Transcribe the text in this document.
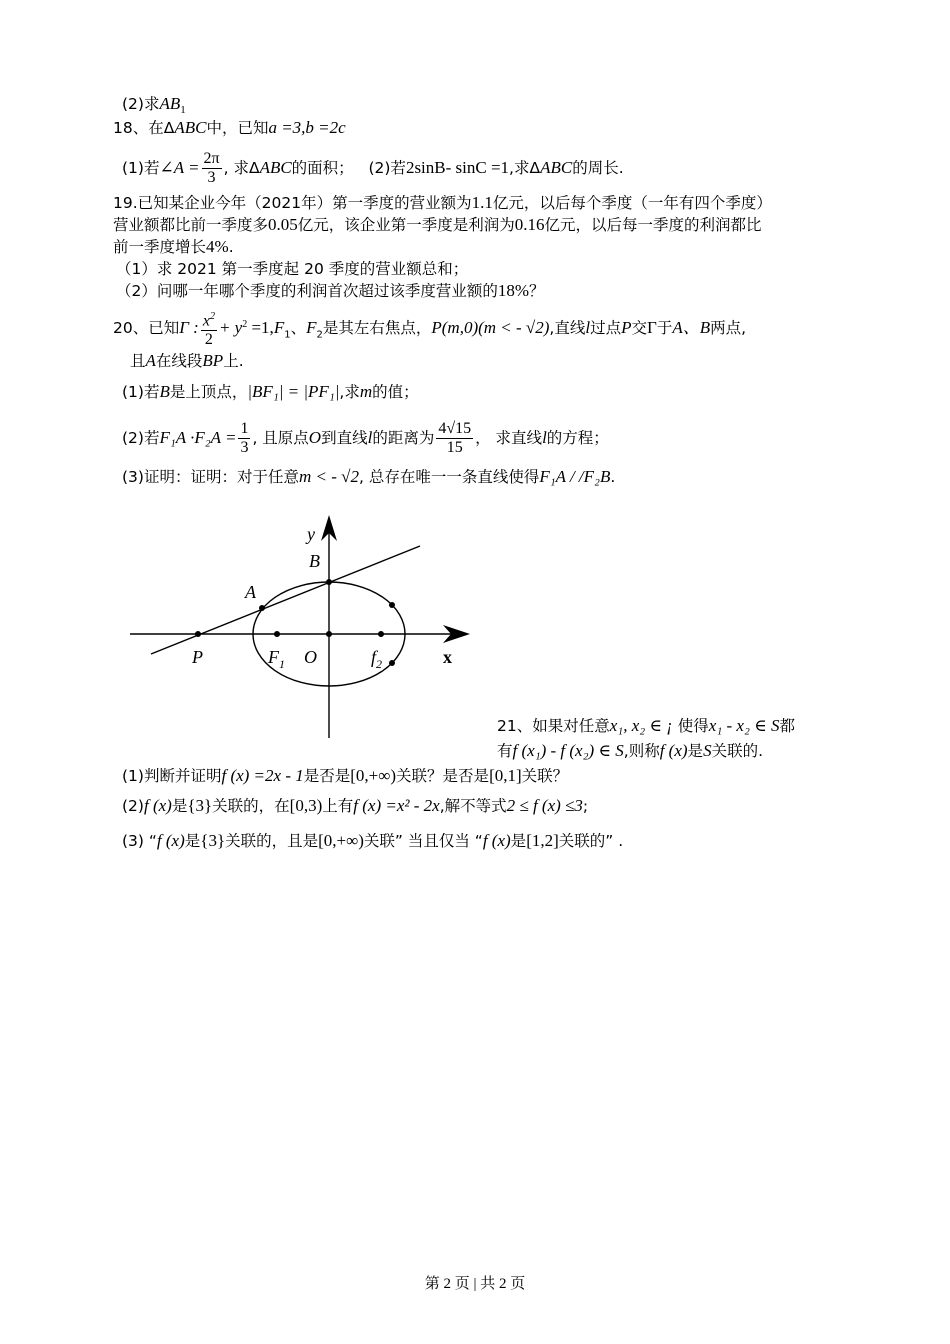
(2)求$AB_1$
18、在ΔABC中，已知a =3,b =2c
(1)若∠A = $\frac{2\pi}{3}$ , 求ΔABC的面积； (2)若2sinB- sinC =1,求ΔABC的周长.
19.已知某企业今年（2021年）第一季度的营业额为1.1亿元，以后每个季度（一年有四个季度）
营业额都比前一季度多0.05亿元，该企业第一季度是利润为0.16亿元，以后每一季度的利润都比
前一季度增长4%.
（1）求 2021 第一季度起 20 季度的营业额总和；
（2）问哪一年哪个季度的利润首次超过该季度营业额的18%？
20、已知Γ : $\frac{x^2}{2} + y^2 =1,F_1$、$F_2$是其左右焦点，P(m,0)(m < - √2),直线l过点P交Γ于A、B两点,
且A在线段BP上.
(1)若B是上顶点，|BF₁| = |PF₁|,求m的值；
(2)若$F_1A \cdot F_2A = \frac{1}{3}$ , 且原点O到直线l的距离为 $\frac{4√15}{15}$ ， 求直线l的方程；
(3)证明：证明：对于任意m < - √2, 总存在唯一一条直线使得F₁A / /F₂B.
y
x
B
A
P	$F_1$ O	$f_2$
21、如果对任意x₁, x₂ ∈ ¡ 使得x₁ - x₂ ∈ S都
有f (x₁) - f (x₂) ∈ S,则称f (x)是S关联的.
(1)判断并证明f (x) =2x - 1是否是[0,+∞)关联？是否是[0,1]关联？
(2)f (x)是{3}关联的，在[0,3)上有f (x) =x² - 2x,解不等式2 ≤ f (x) ≤3;
(3) “f (x)是{3}关联的，且是[0,+∞)关联” 当且仅当 “f (x)是[1,2]关联的” .
第 2 页 | 共 2 页
